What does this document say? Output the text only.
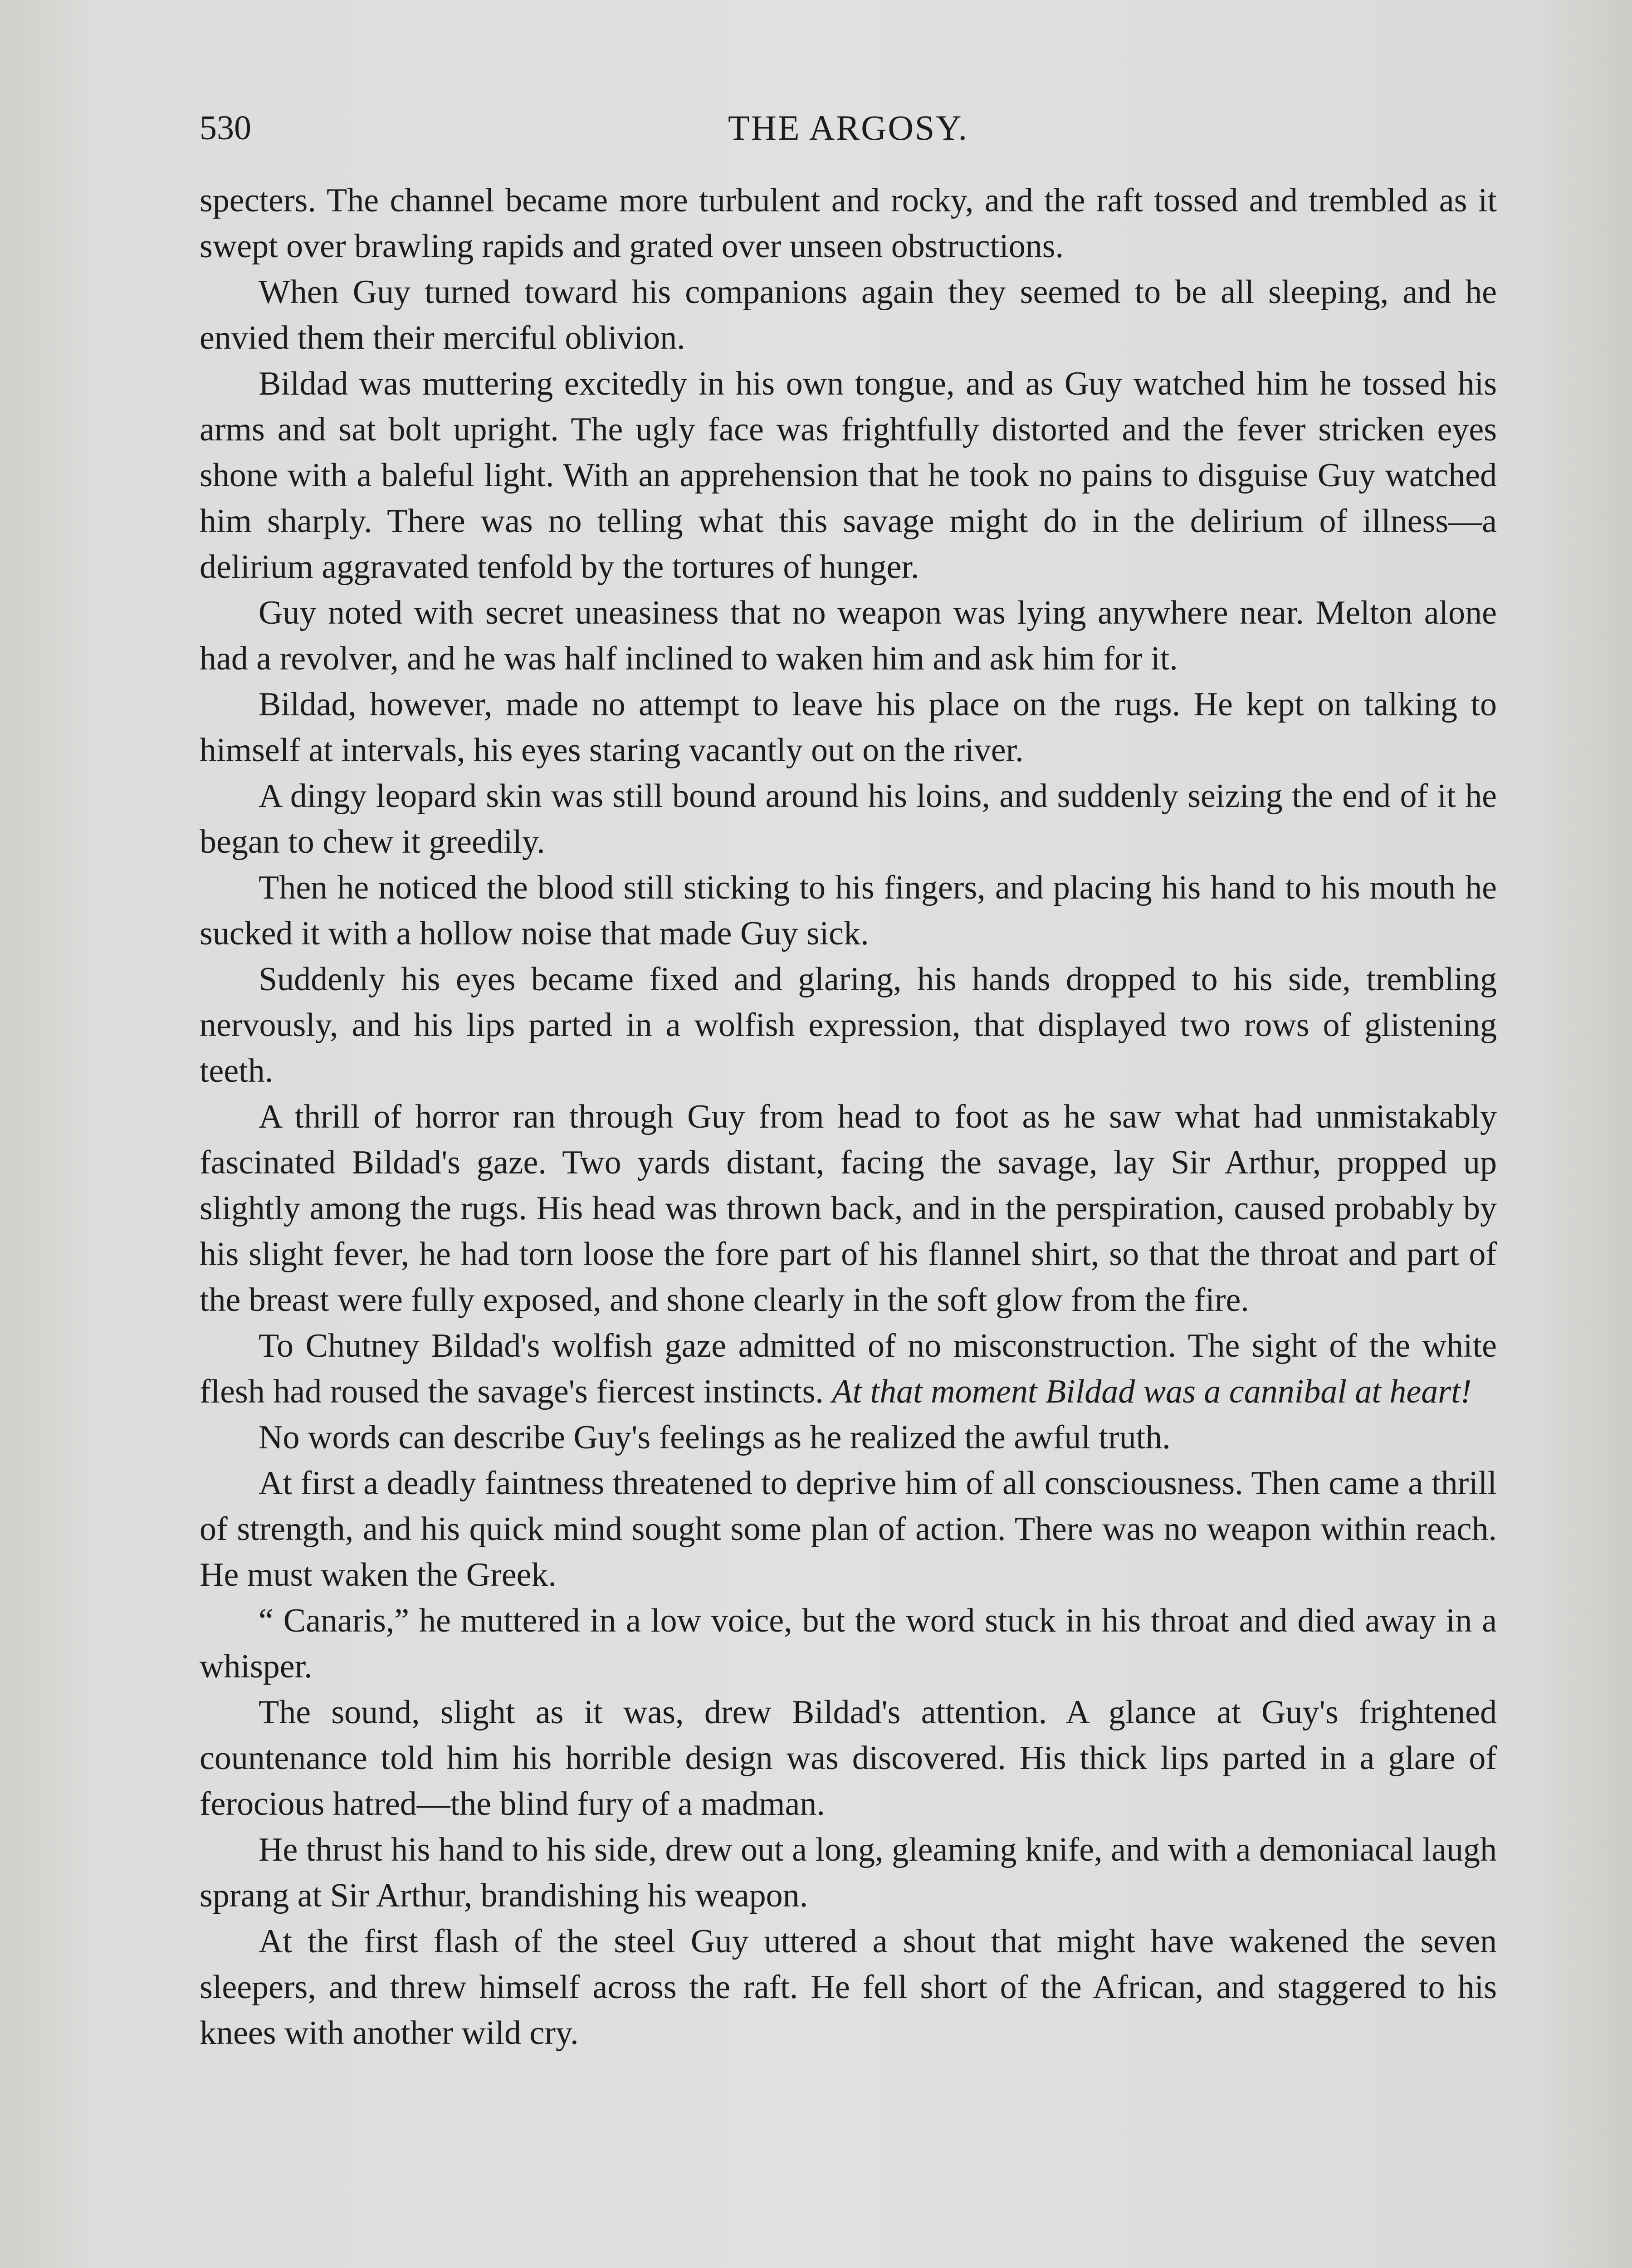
530	THE ARGOSY.

specters. The channel became more turbulent and rocky, and the raft tossed and trembled as it swept over brawling rapids and grated over unseen obstructions.

When Guy turned toward his companions again they seemed to be all sleeping, and he envied them their merciful oblivion.

Bildad was muttering excitedly in his own tongue, and as Guy watched him he tossed his arms and sat bolt upright. The ugly face was frightfully distorted and the fever stricken eyes shone with a baleful light. With an apprehension that he took no pains to disguise Guy watched him sharply. There was no telling what this savage might do in the delirium of illness—a delirium aggravated tenfold by the tortures of hunger.

Guy noted with secret uneasiness that no weapon was lying anywhere near. Melton alone had a revolver, and he was half inclined to waken him and ask him for it.

Bildad, however, made no attempt to leave his place on the rugs. He kept on talking to himself at intervals, his eyes staring vacantly out on the river.

A dingy leopard skin was still bound around his loins, and suddenly seizing the end of it he began to chew it greedily.

Then he noticed the blood still sticking to his fingers, and placing his hand to his mouth he sucked it with a hollow noise that made Guy sick.

Suddenly his eyes became fixed and glaring, his hands dropped to his side, trembling nervously, and his lips parted in a wolfish expression, that displayed two rows of glistening teeth.

A thrill of horror ran through Guy from head to foot as he saw what had unmistakably fascinated Bildad's gaze. Two yards distant, facing the savage, lay Sir Arthur, propped up slightly among the rugs. His head was thrown back, and in the perspiration, caused probably by his slight fever, he had torn loose the fore part of his flannel shirt, so that the throat and part of the breast were fully exposed, and shone clearly in the soft glow from the fire.

To Chutney Bildad's wolfish gaze admitted of no misconstruction. The sight of the white flesh had roused the savage's fiercest instincts. At that moment Bildad was a cannibal at heart!

No words can describe Guy's feelings as he realized the awful truth.

At first a deadly faintness threatened to deprive him of all consciousness. Then came a thrill of strength, and his quick mind sought some plan of action. There was no weapon within reach. He must waken the Greek.

“ Canaris,” he muttered in a low voice, but the word stuck in his throat and died away in a whisper.

The sound, slight as it was, drew Bildad's attention. A glance at Guy's frightened countenance told him his horrible design was discovered. His thick lips parted in a glare of ferocious hatred—the blind fury of a madman.

He thrust his hand to his side, drew out a long, gleaming knife, and with a demoniacal laugh sprang at Sir Arthur, brandishing his weapon.

At the first flash of the steel Guy uttered a shout that might have wakened the seven sleepers, and threw himself across the raft. He fell short of the African, and staggered to his knees with another wild cry.
